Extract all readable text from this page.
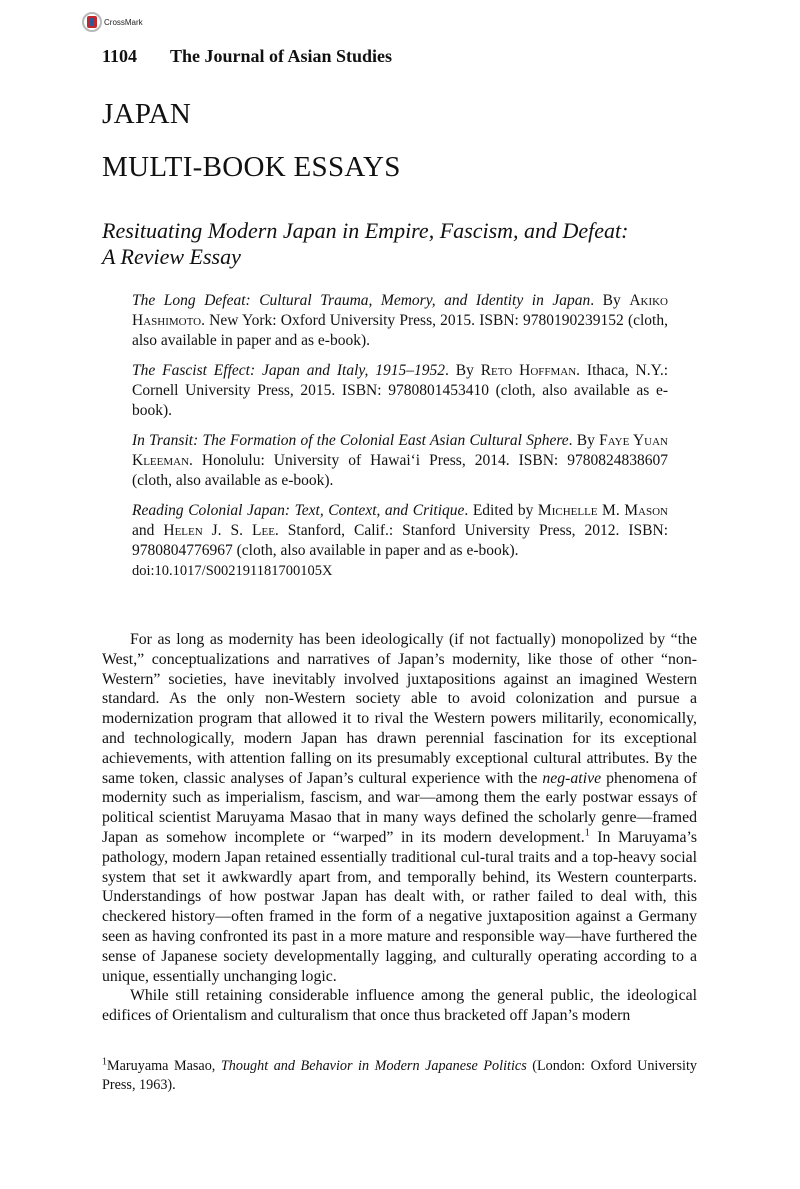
CrossMark
1104 The Journal of Asian Studies
JAPAN
MULTI-BOOK ESSAYS
Resituating Modern Japan in Empire, Fascism, and Defeat:
A Review Essay

The Long Defeat: Cultural Trauma, Memory, and Identity in Japan. By Akiko Hashimoto. New York: Oxford University Press, 2015. ISBN: 9780190239152 (cloth, also available in paper and as e-book).

The Fascist Effect: Japan and Italy, 1915–1952. By Reto Hoffman. Ithaca, N.Y.: Cornell University Press, 2015. ISBN: 9780801453410 (cloth, also available as e-book).

In Transit: The Formation of the Colonial East Asian Cultural Sphere. By Faye Yuan Kleeman. Honolulu: University of Hawai‘i Press, 2014. ISBN: 9780824838607 (cloth, also available as e-book).

Reading Colonial Japan: Text, Context, and Critique. Edited by Michelle M. Mason and Helen J. S. Lee. Stanford, Calif.: Stanford University Press, 2012. ISBN: 9780804776967 (cloth, also available in paper and as e-book).

doi:10.1017/S002191181700105X

For as long as modernity has been ideologically (if not factually) monopolized by “the West,” conceptualizations and narratives of Japan’s modernity, like those of other “non-Western” societies, have inevitably involved juxtapositions against an imagined Western standard. As the only non-Western society able to avoid colonization and pursue a modernization program that allowed it to rival the Western powers militarily, economically, and technologically, modern Japan has drawn perennial fascination for its exceptional achievements, with attention falling on its presumably exceptional cultural attributes. By the same token, classic analyses of Japan’s cultural experience with the neg-ative phenomena of modernity such as imperialism, fascism, and war—among them the early postwar essays of political scientist Maruyama Masao that in many ways defined the scholarly genre—framed Japan as somehow incomplete or “warped” in its modern development.$^1$ In Maruyama’s pathology, modern Japan retained essentially traditional cul-tural traits and a top-heavy social system that set it awkwardly apart from, and temporally behind, its Western counterparts. Understandings of how postwar Japan has dealt with, or rather failed to deal with, this checkered history—often framed in the form of a negative juxtaposition against a Germany seen as having confronted its past in a more mature and responsible way—have furthered the sense of Japanese society developmentally lagging, and culturally operating according to a unique, essentially unchanging logic.

While still retaining considerable influence among the general public, the ideological edifices of Orientalism and culturalism that once thus bracketed off Japan’s modern

$^1$Maruyama Masao, Thought and Behavior in Modern Japanese Politics (London: Oxford University Press, 1963).
